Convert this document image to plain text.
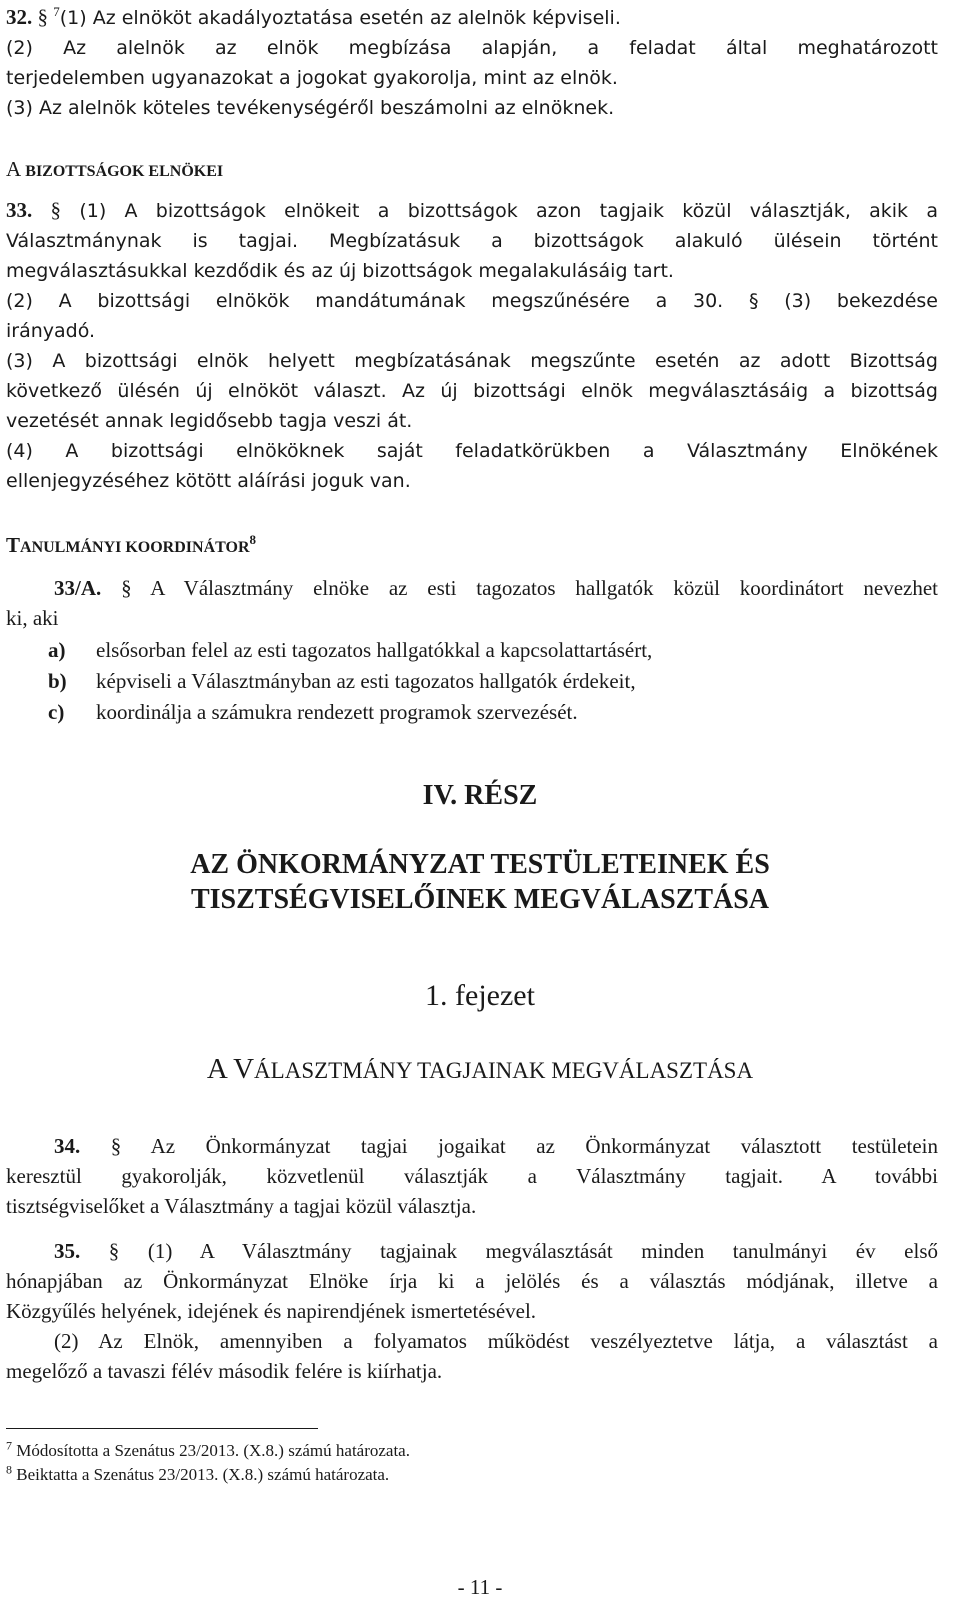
32. § $^7$(1) Az elnököt akadályoztatása esetén az alelnök képviseli.
(2) Az alelnök az elnök megbízása alapján, a feladat által meghatározott
terjedelemben ugyanazokat a jogokat gyakorolja, mint az elnök.
(3) Az alelnök köteles tevékenységéről beszámolni az elnöknek.
A BIZOTTSÁGOK ELNÖKEI
33. § (1) A bizottságok elnökeit a bizottságok azon tagjaik közül választják, akik a
Választmánynak is tagjai. Megbízatásuk a bizottságok alakuló ülésein történt
megválasztásukkal kezdődik és az új bizottságok megalakulásáig tart.
(2) A bizottsági elnökök mandátumának megszűnésére a 30. § (3) bekezdése
irányadó.
(3) A bizottsági elnök helyett megbízatásának megszűnte esetén az adott Bizottság
következő ülésén új elnököt választ. Az új bizottsági elnök megválasztásáig a bizottság
vezetését annak legidősebb tagja veszi át.
(4) A bizottsági elnököknek saját feladatkörükben a Választmány Elnökének
ellenjegyzéséhez kötött aláírási joguk van.
TANULMÁNYI KOORDINÁTOR$^8$
33/A. § A Választmány elnöke az esti tagozatos hallgatók közül koordinátort nevezhet
ki, aki
a) elsősorban felel az esti tagozatos hallgatókkal a kapcsolattartásért,
b) képviseli a Választmányban az esti tagozatos hallgatók érdekeit,
c) koordinálja a számukra rendezett programok szervezését.

IV. RÉSZ

AZ ÖNKORMÁNYZAT TESTÜLETEINEK ÉS

TISZTSÉGVISELŐINEK MEGVÁLASZTÁSA

1. fejezet

A VÁLASZTMÁNY TAGJAINAK MEGVÁLASZTÁSA

34. § Az Önkormányzat tagjai jogaikat az Önkormányzat választott testületein
keresztül gyakorolják, közvetlenül választják a Választmány tagjait. A további
tisztségviselőket a Választmány a tagjai közül választja.
35. § (1) A Választmány tagjainak megválasztását minden tanulmányi év első
hónapjában az Önkormányzat Elnöke írja ki a jelölés és a választás módjának, illetve a
Közgyűlés helyének, idejének és napirendjének ismertetésével.
(2) Az Elnök, amennyiben a folyamatos működést veszélyeztetve látja, a választást a
megelőző a tavaszi félév második felére is kiírhatja.
$^7$ Módosította a Szenátus 23/2013. (X.8.) számú határozata.
$^8$ Beiktatta a Szenátus 23/2013. (X.8.) számú határozata.

- 11 -
